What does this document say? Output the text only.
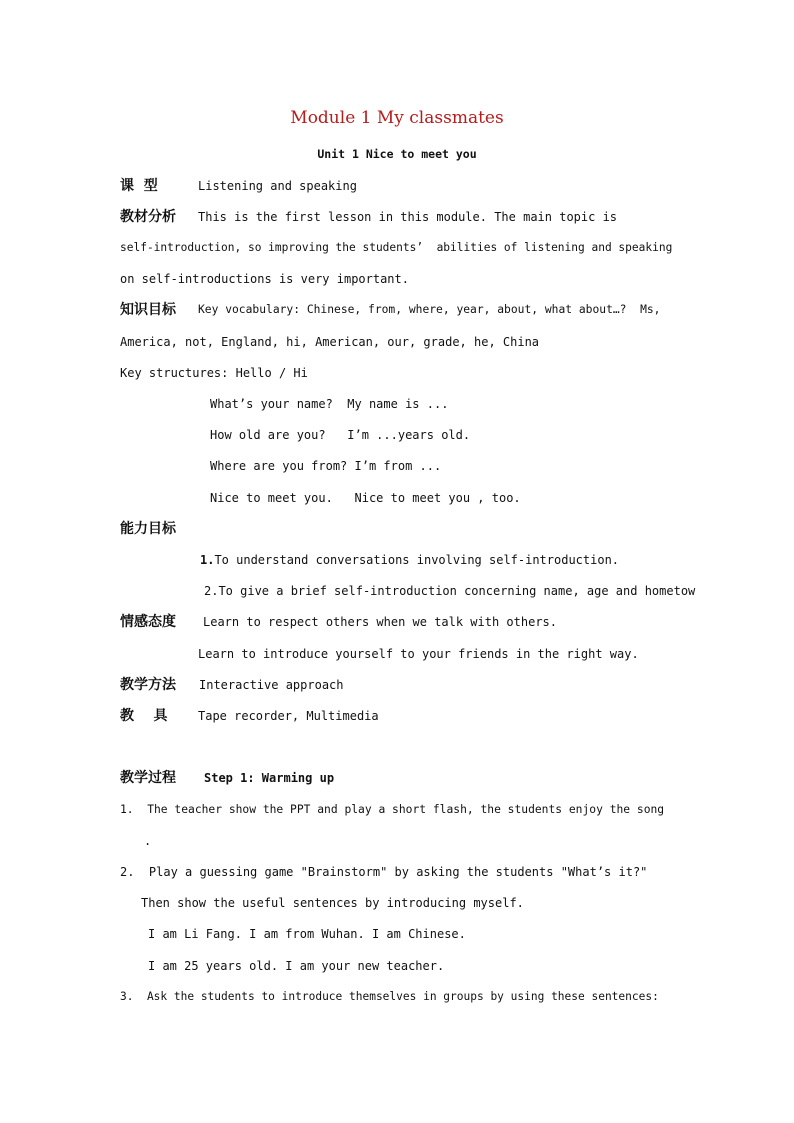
Module 1 My classmates
Unit 1 Nice to meet you
课  型	Listening and speaking
教材分析 This is the first lesson in this module. The main topic is
self-introduction, so improving the students’  abilities of listening and speaking
on self-introductions is very important.
知识目标 Key vocabulary: Chinese, from, where, year, about, what about…?  Ms,
America, not, England, hi, American, our, grade, he, China
Key structures: Hello / Hi
What’s your name?  My name is ...
How old are you?   I’m ...years old.
Where are you from? I’m from ...
Nice to meet you.   Nice to meet you , too.
能力目标
1.To understand conversations involving self-introduction.
2.To give a brief self-introduction concerning name, age and hometow
情感态度 Learn to respect others when we talk with others.
Learn to introduce yourself to your friends in the right way.
教学方法 Interactive approach
教    具	Tape recorder, Multimedia
教学过程 Step 1: Warming up
1.  The teacher show the PPT and play a short flash, the students enjoy the song
.
2.  Play a guessing game "Brainstorm" by asking the students "What’s it?"
Then show the useful sentences by introducing myself.
I am Li Fang. I am from Wuhan. I am Chinese.
I am 25 years old. I am your new teacher.
3.  Ask the students to introduce themselves in groups by using these sentences:
